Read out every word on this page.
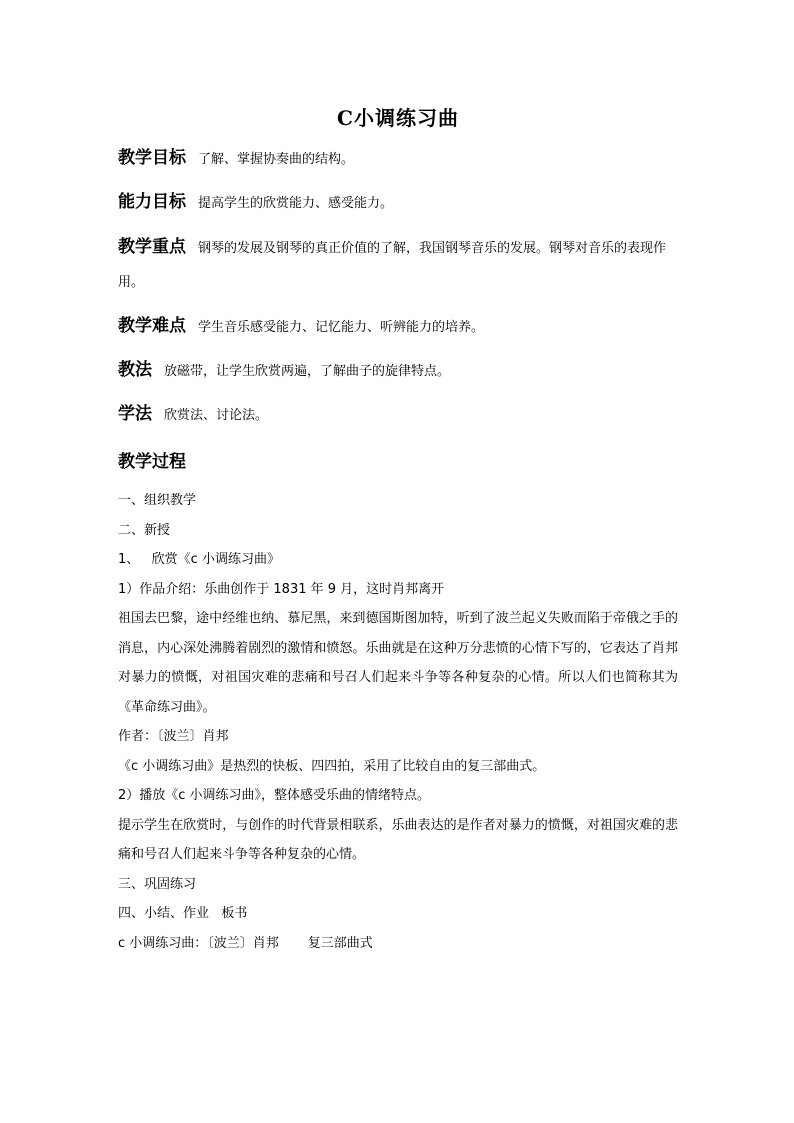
C小调练习曲
教学目标 了解、掌握协奏曲的结构。
能力目标 提高学生的欣赏能力、感受能力。
教学重点 钢琴的发展及钢琴的真正价值的了解，我国钢琴音乐的发展。钢琴对音乐的表现作用。
教学难点 学生音乐感受能力、记忆能力、听辨能力的培养。
教法 放磁带，让学生欣赏两遍，了解曲子的旋律特点。
学法 欣赏法、讨论法。
教学过程

一、组织教学

二、新授

1、   欣赏《c 小调练习曲》

1）作品介绍：乐曲创作于 1831 年 9 月，这时肖邦离开

祖国去巴黎，途中经维也纳、慕尼黑，来到德国斯图加特，听到了波兰起义失败而陷于帝俄之手的消息，内心深处沸腾着剧烈的激情和愤怒。乐曲就是在这种万分悲愤的心情下写的，它表达了肖邦对暴力的愤慨，对祖国灾难的悲痛和号召人们起来斗争等各种复杂的心情。所以人们也简称其为《革命练习曲》。

作者：〔波兰〕肖邦

《c 小调练习曲》是热烈的快板、四四拍，采用了比较自由的复三部曲式。

2）播放《c 小调练习曲》，整体感受乐曲的情绪特点。

提示学生在欣赏时，与创作的时代背景相联系，乐曲表达的是作者对暴力的愤慨，对祖国灾难的悲痛和号召人们起来斗争等各种复杂的心情。

三、巩固练习

四、小结、作业   板书

c 小调练习曲：〔波兰〕肖邦       复三部曲式
